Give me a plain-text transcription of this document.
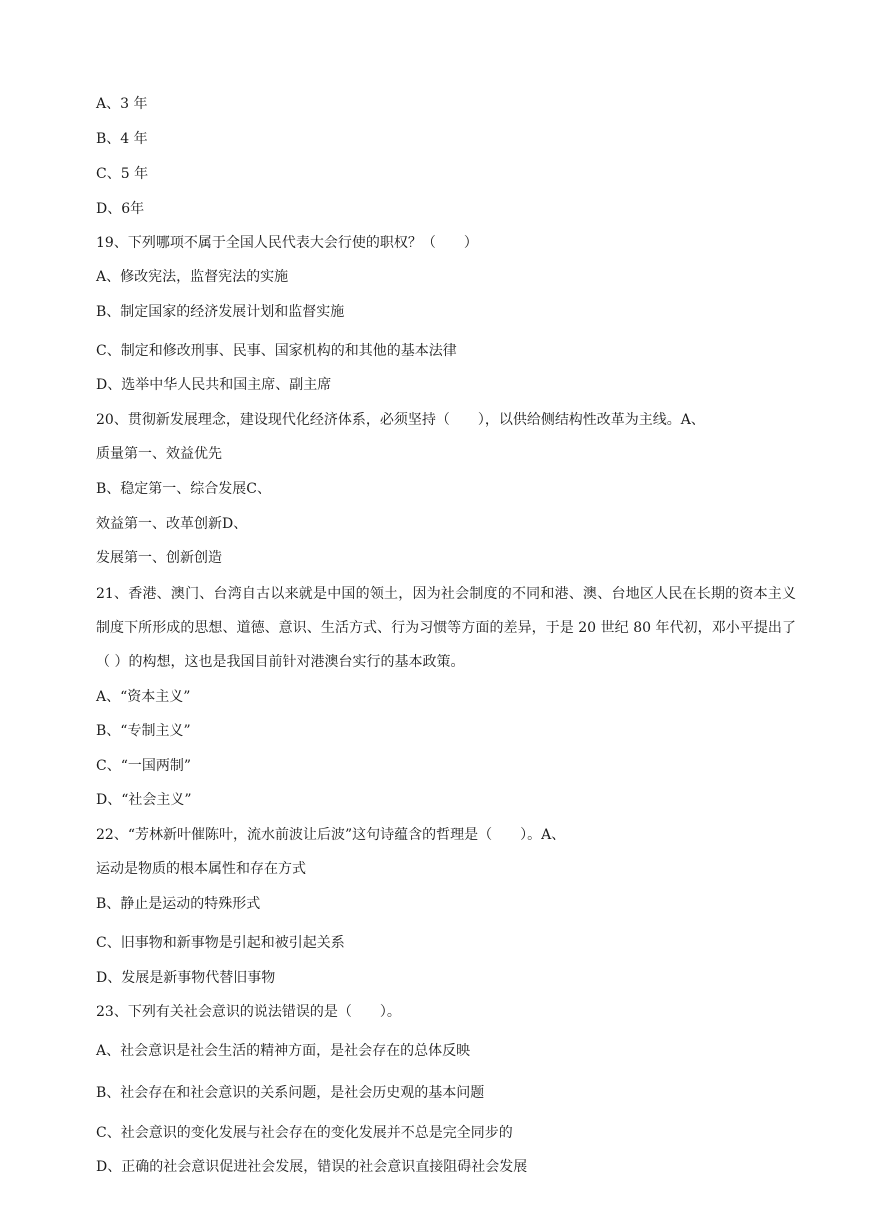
A、3 年
B、4 年
C、5 年
D、6年
19、下列哪项不属于全国人民代表大会行使的职权？（　　）
A、修改宪法，监督宪法的实施
B、制定国家的经济发展计划和监督实施
C、制定和修改刑事、民事、国家机构的和其他的基本法律
D、选举中华人民共和国主席、副主席
20、贯彻新发展理念，建设现代化经济体系，必须坚持（　　），以供给侧结构性改革为主线。A、
质量第一、效益优先
B、稳定第一、综合发展C、
效益第一、改革创新D、
发展第一、创新创造
21、香港、澳门、台湾自古以来就是中国的领土，因为社会制度的不同和港、澳、台地区人民在长期的资本主义制度下所形成的思想、道德、意识、生活方式、行为习惯等方面的差异，于是 20 世纪 80 年代初，邓小平提出了（ ）的构想，这也是我国目前针对港澳台实行的基本政策。
A、“资本主义”
B、“专制主义”
C、“一国两制”
D、“社会主义”
22、“芳林新叶催陈叶，流水前波让后波”这句诗蕴含的哲理是（　　）。A、
运动是物质的根本属性和存在方式
B、静止是运动的特殊形式
C、旧事物和新事物是引起和被引起关系
D、发展是新事物代替旧事物
23、下列有关社会意识的说法错误的是（　　）。
A、社会意识是社会生活的精神方面，是社会存在的总体反映
B、社会存在和社会意识的关系问题，是社会历史观的基本问题
C、社会意识的变化发展与社会存在的变化发展并不总是完全同步的
D、正确的社会意识促进社会发展，错误的社会意识直接阻碍社会发展
